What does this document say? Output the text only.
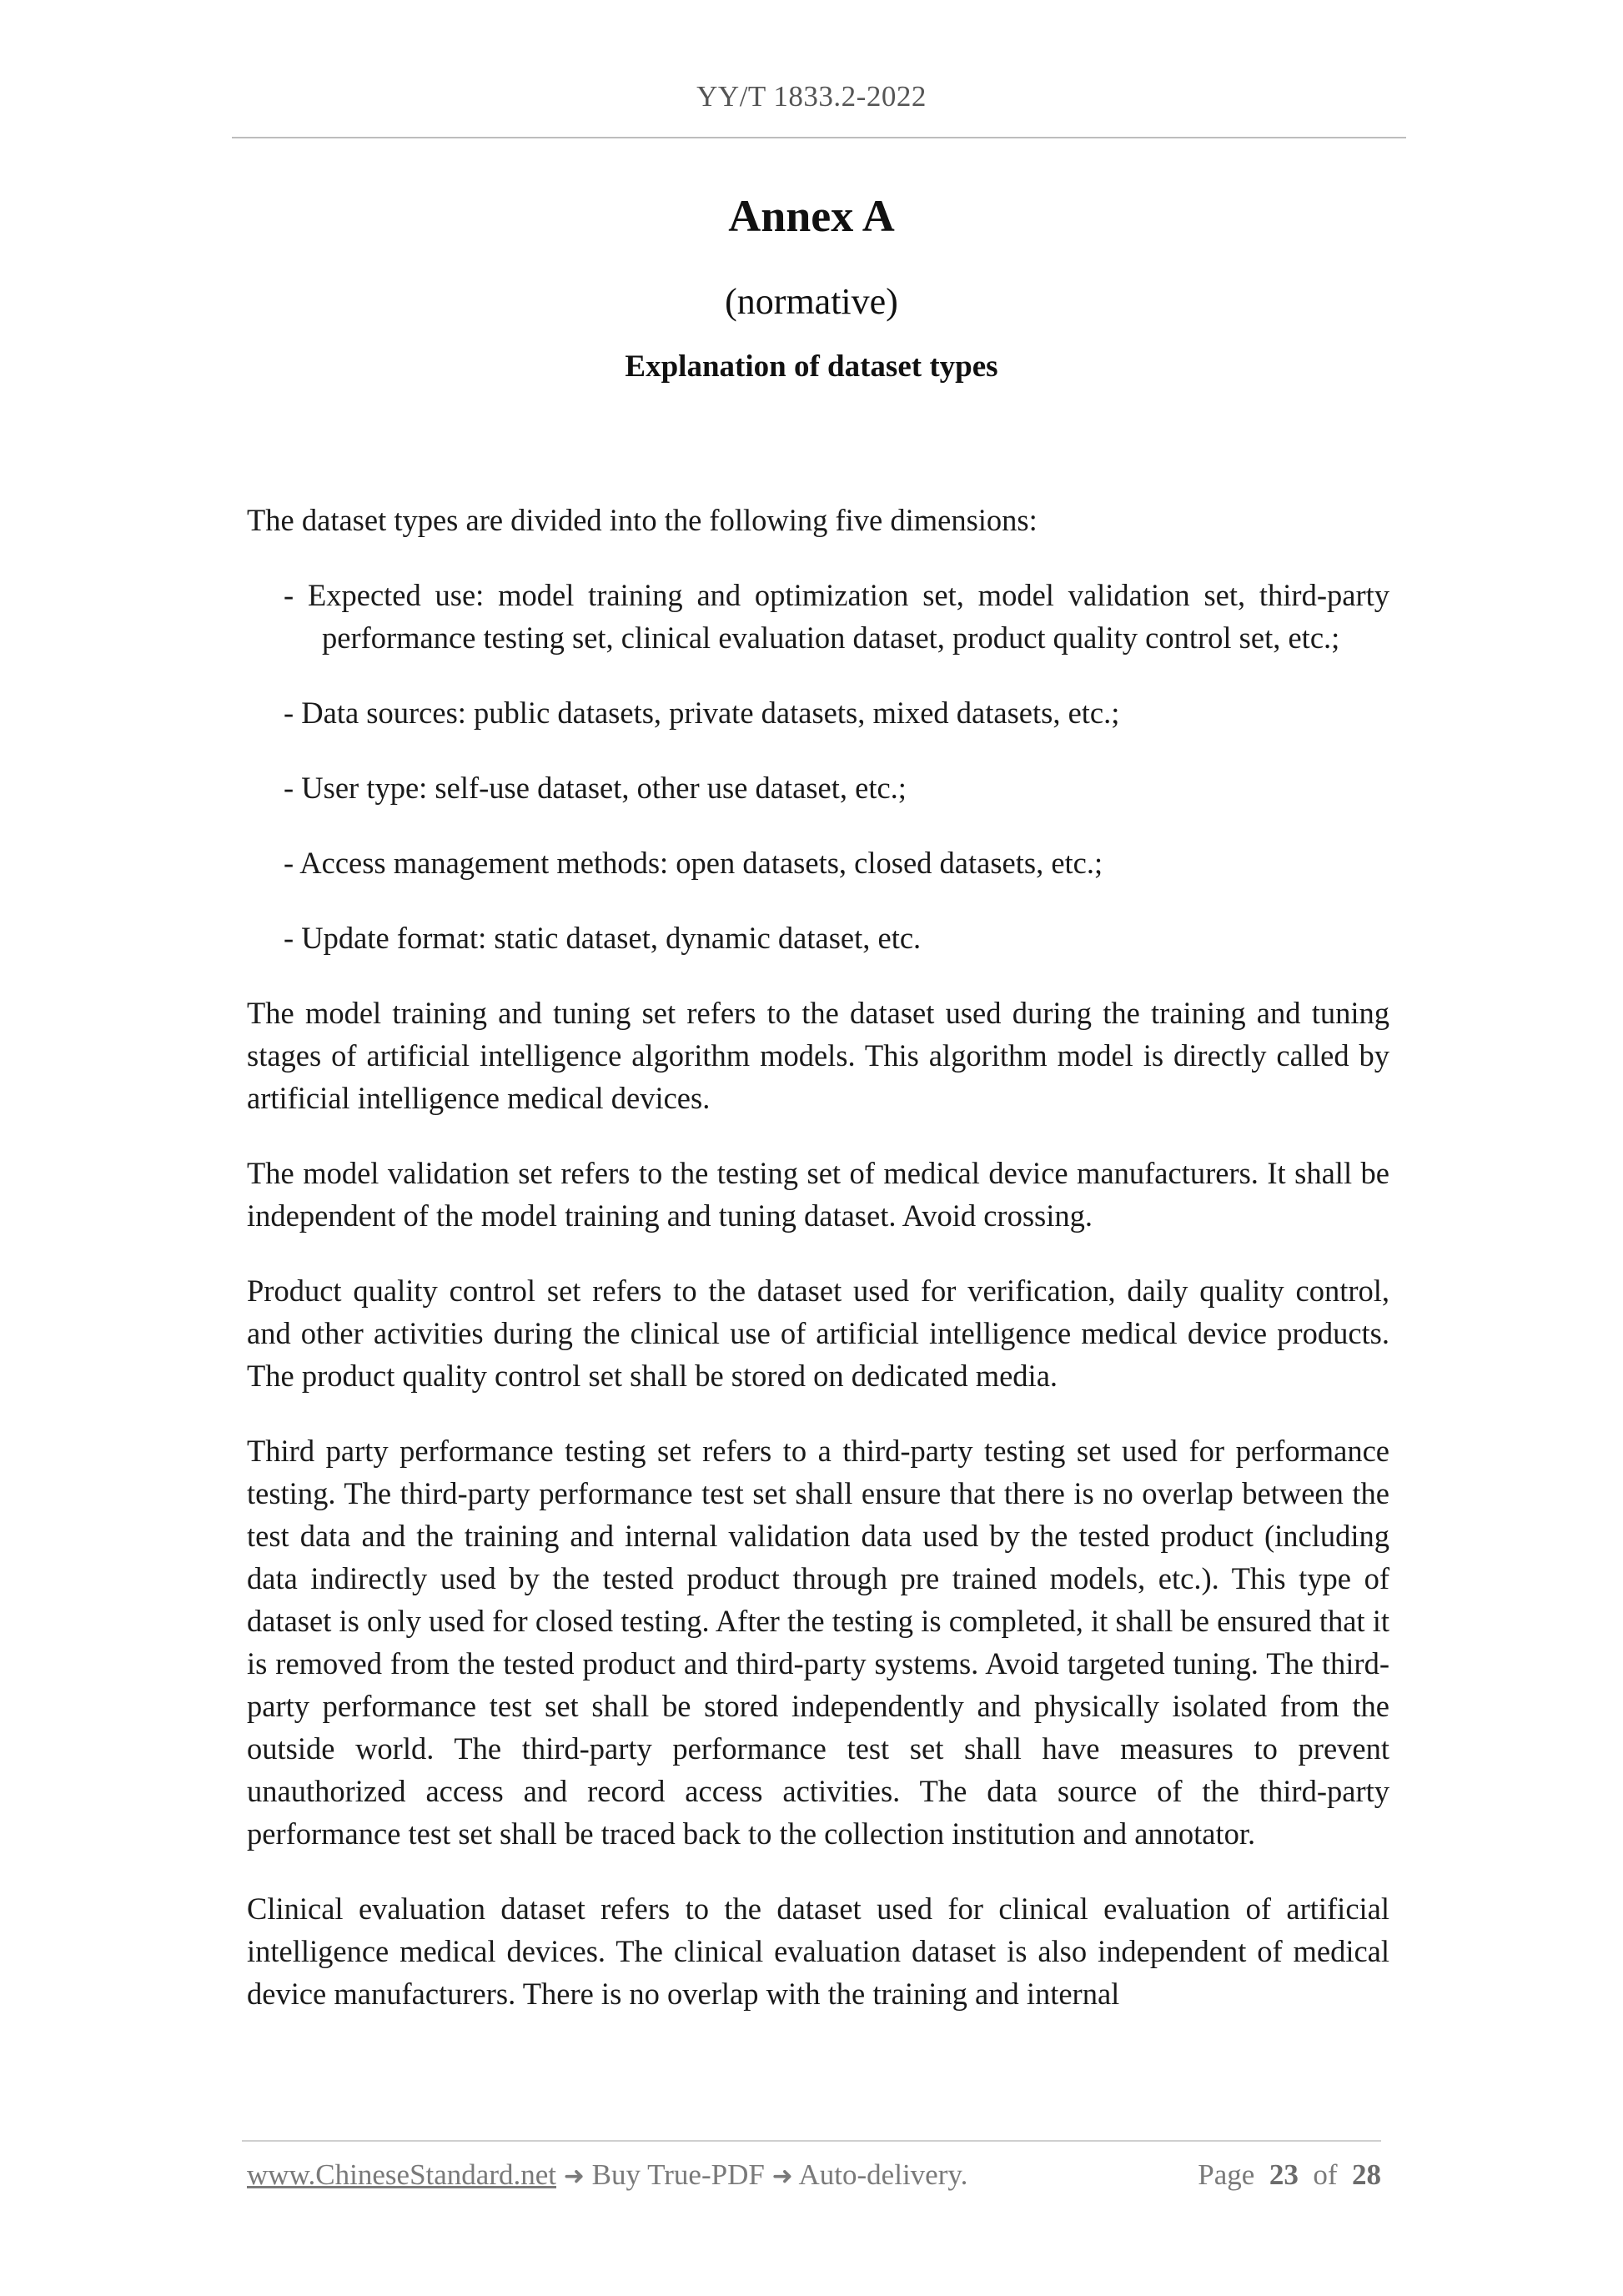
YY/T 1833.2-2022
Annex A
(normative)
Explanation of dataset types

The dataset types are divided into the following five dimensions:

- Expected use: model training and optimization set, model validation set, third-party performance testing set, clinical evaluation dataset, product quality control set, etc.;
- Data sources: public datasets, private datasets, mixed datasets, etc.;
- User type: self-use dataset, other use dataset, etc.;
- Access management methods: open datasets, closed datasets, etc.;
- Update format: static dataset, dynamic dataset, etc.

The model training and tuning set refers to the dataset used during the training and tuning stages of artificial intelligence algorithm models. This algorithm model is directly called by artificial intelligence medical devices.

The model validation set refers to the testing set of medical device manufacturers. It shall be independent of the model training and tuning dataset. Avoid crossing.

Product quality control set refers to the dataset used for verification, daily quality control, and other activities during the clinical use of artificial intelligence medical device products. The product quality control set shall be stored on dedicated media.

Third party performance testing set refers to a third-party testing set used for performance testing. The third-party performance test set shall ensure that there is no overlap between the test data and the training and internal validation data used by the tested product (including data indirectly used by the tested product through pre trained models, etc.). This type of dataset is only used for closed testing. After the testing is completed, it shall be ensured that it is removed from the tested product and third-party systems. Avoid targeted tuning. The third-party performance test set shall be stored independently and physically isolated from the outside world. The third-party performance test set shall have measures to prevent unauthorized access and record access activities. The data source of the third-party performance test set shall be traced back to the collection institution and annotator.

Clinical evaluation dataset refers to the dataset used for clinical evaluation of artificial intelligence medical devices. The clinical evaluation dataset is also independent of medical device manufacturers. There is no overlap with the training and internal

www.ChineseStandard.net ➜ Buy True-PDF ➜ Auto-delivery.	Page 23 of 28
